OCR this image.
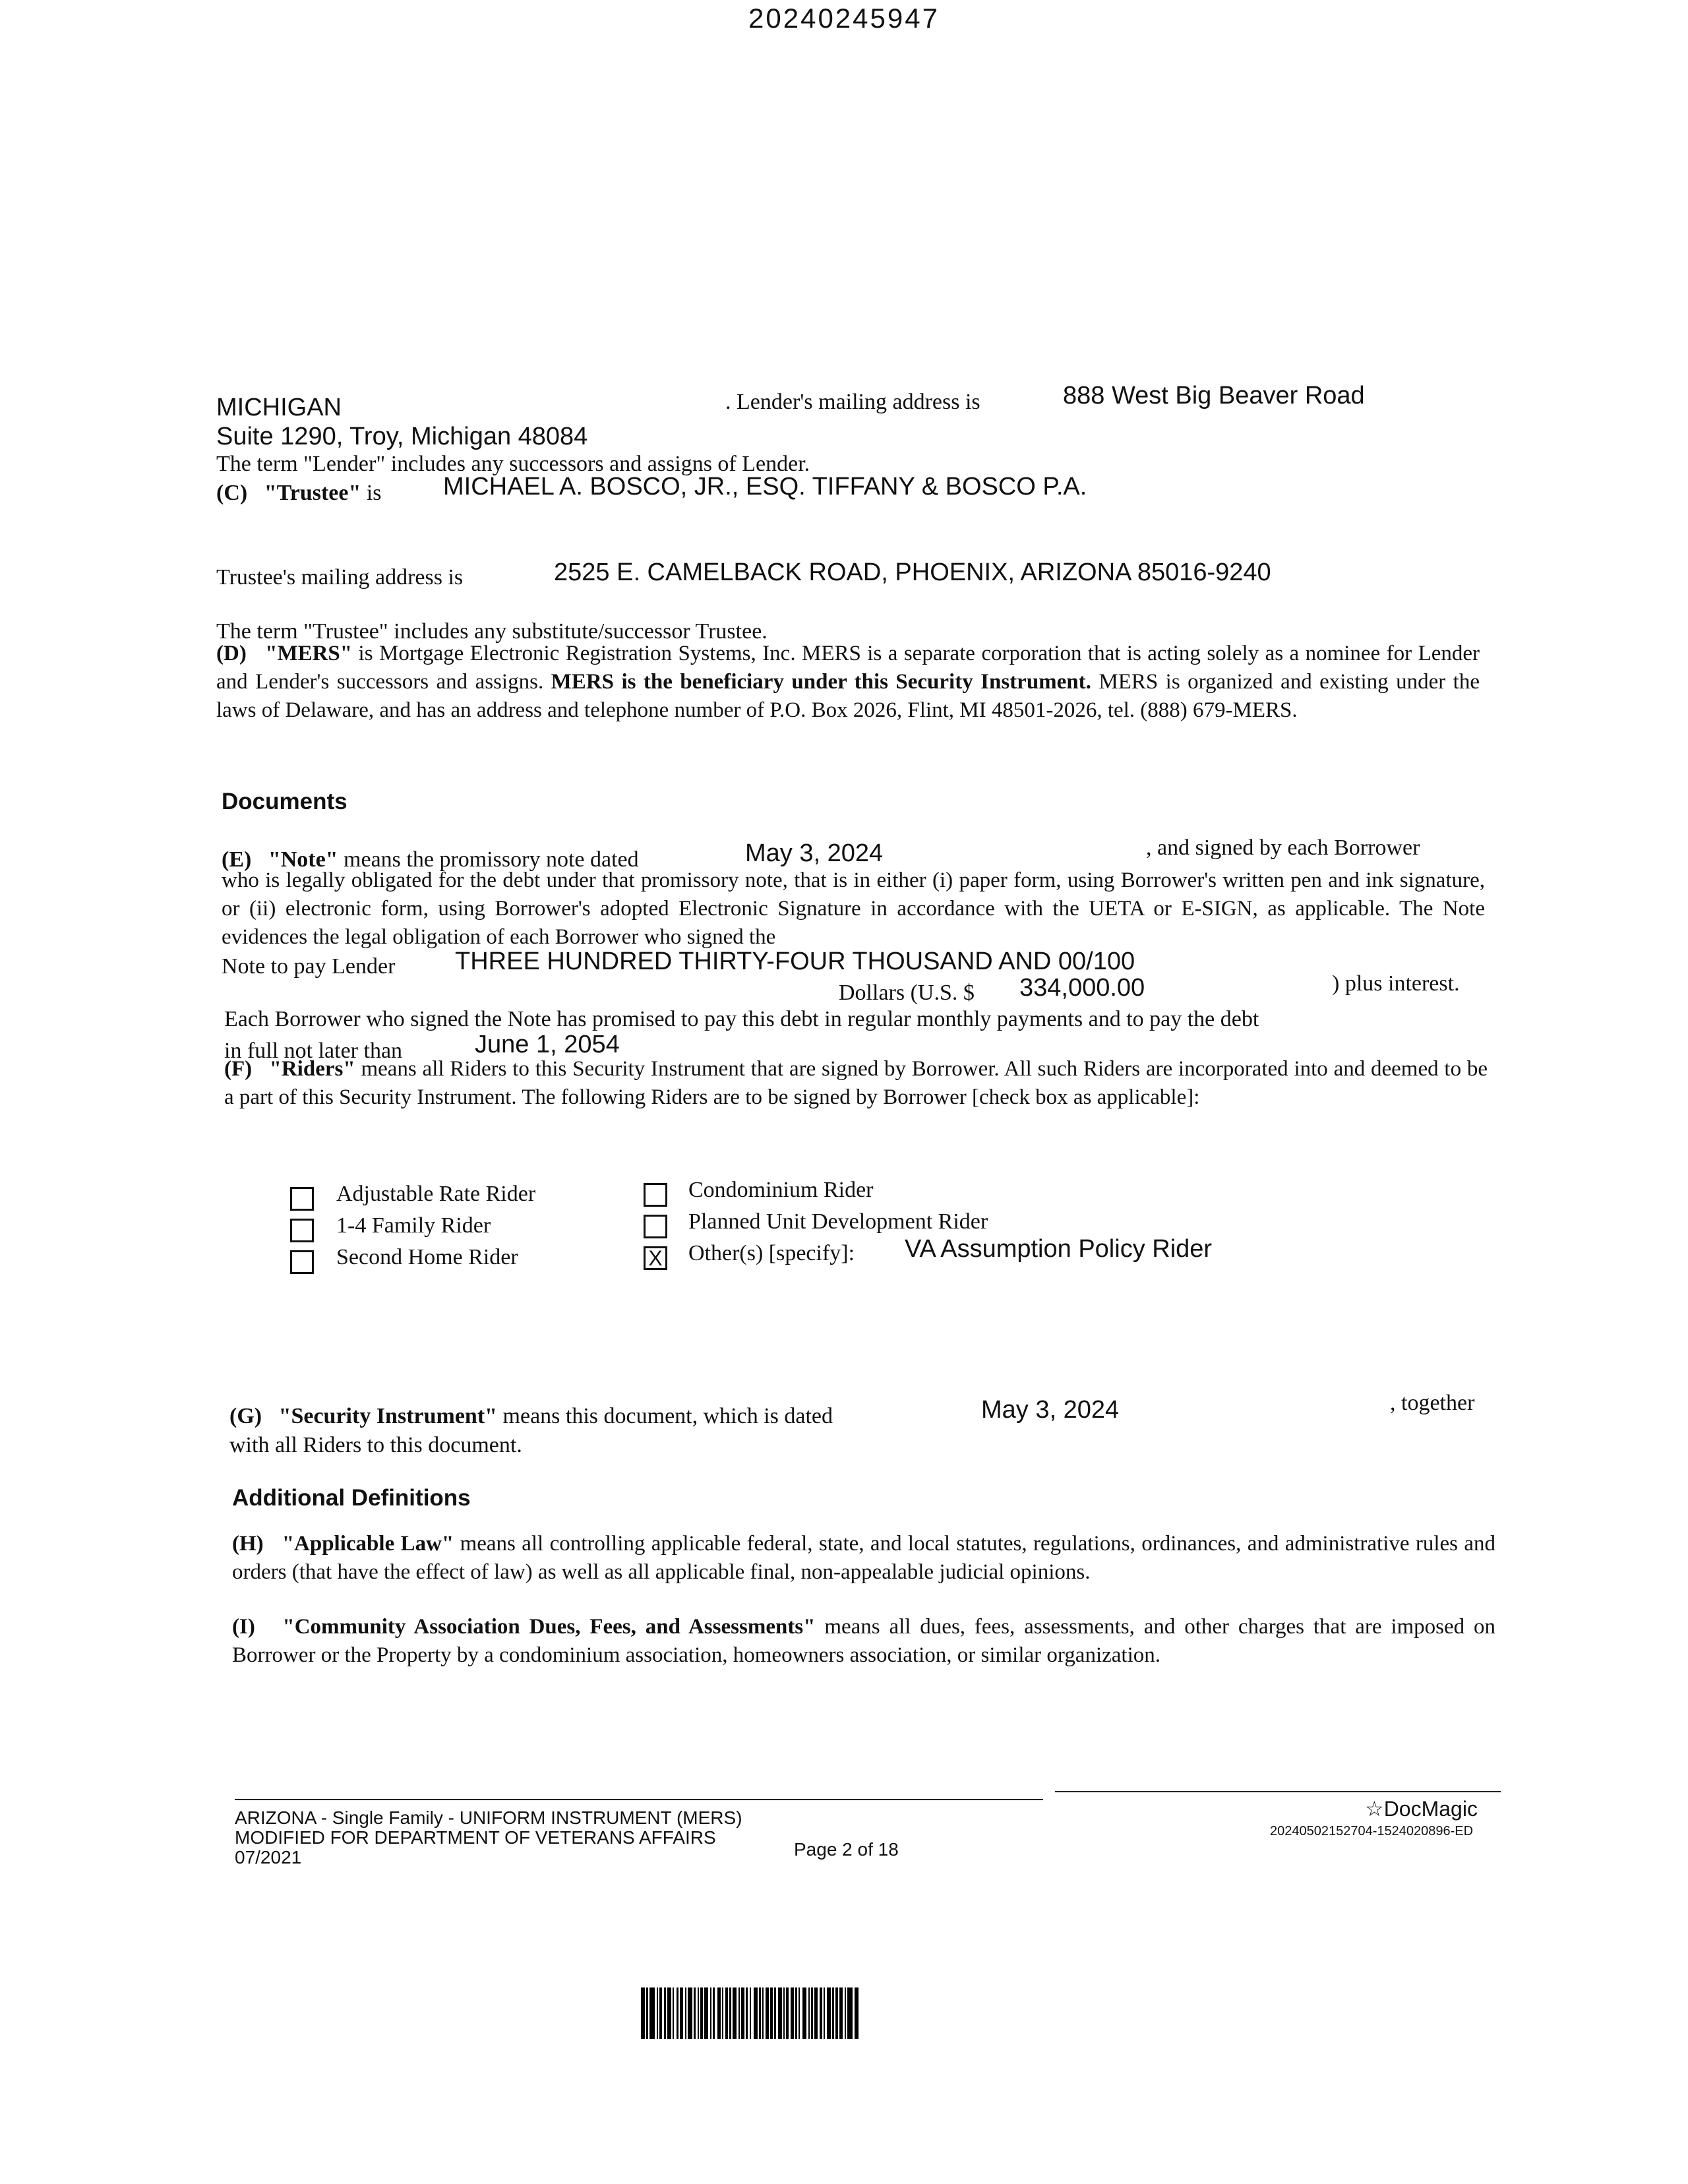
20240245947
MICHIGAN	. Lender's mailing address is	888 West Big Beaver Road
Suite 1290, Troy, Michigan 48084
The term "Lender" includes any successors and assigns of Lender.
(C) "Trustee" is MICHAEL A. BOSCO, JR., ESQ. TIFFANY & BOSCO P.A.
Trustee's mailing address is	2525 E. CAMELBACK ROAD, PHOENIX, ARIZONA 85016-9240
The term "Trustee" includes any substitute/successor Trustee.
(D) "MERS" is Mortgage Electronic Registration Systems, Inc. MERS is a separate corporation that is acting solely as a nominee for Lender and Lender's successors and assigns. MERS is the beneficiary under this Security Instrument. MERS is organized and existing under the laws of Delaware, and has an address and telephone number of P.O. Box 2026, Flint, MI 48501-2026, tel. (888) 679-MERS.
Documents
(E) "Note" means the promissory note dated	May 3, 2024	, and signed by each Borrower
who is legally obligated for the debt under that promissory note, that is in either (i) paper form, using Borrower's written pen and ink signature, or (ii) electronic form, using Borrower's adopted Electronic Signature in accordance with the UETA or E-SIGN, as applicable. The Note evidences the legal obligation of each Borrower who signed the
Note to pay Lender THREE HUNDRED THIRTY-FOUR THOUSAND AND 00/100
Dollars (U.S. $ 334,000.00	) plus interest.
Each Borrower who signed the Note has promised to pay this debt in regular monthly payments and to pay the debt
in full not later than	June 1, 2054
(F) "Riders" means all Riders to this Security Instrument that are signed by Borrower. All such Riders are incorporated into and deemed to be a part of this Security Instrument. The following Riders are to be signed by Borrower [check box as applicable]:
Adjustable Rate Rider
1-4 Family Rider
Second Home Rider
Condominium Rider
Planned Unit Development Rider
X Other(s) [specify]: VA Assumption Policy Rider
(G) "Security Instrument" means this document, which is dated	May 3, 2024	, together
with all Riders to this document.
Additional Definitions
(H) "Applicable Law" means all controlling applicable federal, state, and local statutes, regulations, ordinances, and administrative rules and orders (that have the effect of law) as well as all applicable final, non-appealable judicial opinions.
(I) "Community Association Dues, Fees, and Assessments" means all dues, fees, assessments, and other charges that are imposed on Borrower or the Property by a condominium association, homeowners association, or similar organization.
ARIZONA - Single Family - UNIFORM INSTRUMENT (MERS)
MODIFIED FOR DEPARTMENT OF VETERANS AFFAIRS
07/2021	Page 2 of 18
☆DocMagic
20240502152704-1524020896-ED
